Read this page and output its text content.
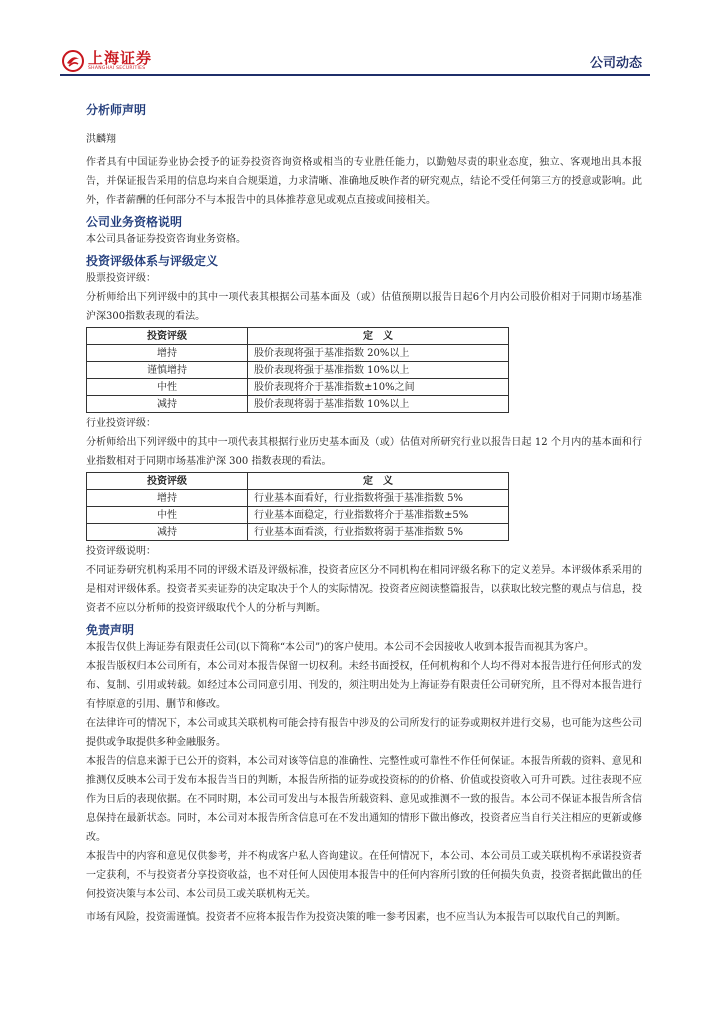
上海证券
SHANGHAI SECURITIES	公司动态
分析师声明

洪麟翔

作者具有中国证券业协会授予的证券投资咨询资格或相当的专业胜任能力，以勤勉尽责的职业态度，独立、客观地出具本报告，并保证报告采用的信息均来自合规渠道，力求清晰、准确地反映作者的研究观点，结论不受任何第三方的授意或影响。此外，作者薪酬的任何部分不与本报告中的具体推荐意见或观点直接或间接相关。

公司业务资格说明

本公司具备证券投资咨询业务资格。

投资评级体系与评级定义

股票投资评级：

分析师给出下列评级中的其中一项代表其根据公司基本面及（或）估值预期以报告日起6个月内公司股价相对于同期市场基准沪深300指数表现的看法。

投资评级	定　义
增持	股价表现将强于基准指数 20%以上
谨慎增持	股价表现将强于基准指数 10%以上
中性	股价表现将介于基准指数±10%之间
减持	股价表现将弱于基准指数 10%以上

行业投资评级：

分析师给出下列评级中的其中一项代表其根据行业历史基本面及（或）估值对所研究行业以报告日起 12 个月内的基本面和行业指数相对于同期市场基准沪深 300 指数表现的看法。

投资评级	定　义
增持	行业基本面看好，行业指数将强于基准指数 5%
中性	行业基本面稳定，行业指数将介于基准指数±5%
减持	行业基本面看淡，行业指数将弱于基准指数 5%

投资评级说明：

不同证券研究机构采用不同的评级术语及评级标准，投资者应区分不同机构在相同评级名称下的定义差异。本评级体系采用的是相对评级体系。投资者买卖证券的决定取决于个人的实际情况。投资者应阅读整篇报告，以获取比较完整的观点与信息，投资者不应以分析师的投资评级取代个人的分析与判断。

免责声明

本报告仅供上海证券有限责任公司(以下简称“本公司”)的客户使用。本公司不会因接收人收到本报告而视其为客户。

本报告版权归本公司所有，本公司对本报告保留一切权利。未经书面授权，任何机构和个人均不得对本报告进行任何形式的发布、复制、引用或转载。如经过本公司同意引用、刊发的，须注明出处为上海证券有限责任公司研究所，且不得对本报告进行有悖原意的引用、删节和修改。

在法律许可的情况下，本公司或其关联机构可能会持有报告中涉及的公司所发行的证券或期权并进行交易，也可能为这些公司提供或争取提供多种金融服务。

本报告的信息来源于已公开的资料，本公司对该等信息的准确性、完整性或可靠性不作任何保证。本报告所载的资料、意见和推测仅反映本公司于发布本报告当日的判断，本报告所指的证券或投资标的的价格、价值或投资收入可升可跌。过往表现不应作为日后的表现依据。在不同时期，本公司可发出与本报告所载资料、意见或推测不一致的报告。本公司不保证本报告所含信息保持在最新状态。同时，本公司对本报告所含信息可在不发出通知的情形下做出修改，投资者应当自行关注相应的更新或修改。

本报告中的内容和意见仅供参考，并不构成客户私人咨询建议。在任何情况下，本公司、本公司员工或关联机构不承诺投资者一定获利，不与投资者分享投资收益，也不对任何人因使用本报告中的任何内容所引致的任何损失负责，投资者据此做出的任何投资决策与本公司、本公司员工或关联机构无关。

市场有风险，投资需谨慎。投资者不应将本报告作为投资决策的唯一参考因素，也不应当认为本报告可以取代自己的判断。
